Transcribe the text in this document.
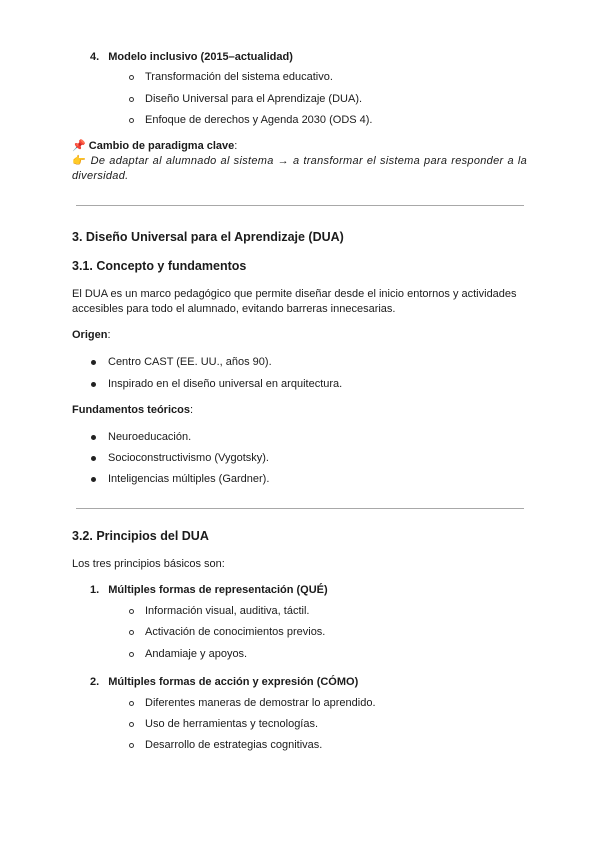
4. Modelo inclusivo (2015–actualidad)
Transformación del sistema educativo.
Diseño Universal para el Aprendizaje (DUA).
Enfoque de derechos y Agenda 2030 (ODS 4).
📌 Cambio de paradigma clave:
👉 De adaptar al alumnado al sistema → a transformar el sistema para responder a la diversidad.
3. Diseño Universal para el Aprendizaje (DUA)
3.1. Concepto y fundamentos
El DUA es un marco pedagógico que permite diseñar desde el inicio entornos y actividades accesibles para todo el alumnado, evitando barreras innecesarias.
Origen:
Centro CAST (EE. UU., años 90).
Inspirado en el diseño universal en arquitectura.
Fundamentos teóricos:
Neuroeducación.
Socioconstructivismo (Vygotsky).
Inteligencias múltiples (Gardner).
3.2. Principios del DUA
Los tres principios básicos son:
1. Múltiples formas de representación (QUÉ)
Información visual, auditiva, táctil.
Activación de conocimientos previos.
Andamiaje y apoyos.
2. Múltiples formas de acción y expresión (CÓMO)
Diferentes maneras de demostrar lo aprendido.
Uso de herramientas y tecnologías.
Desarrollo de estrategias cognitivas.
